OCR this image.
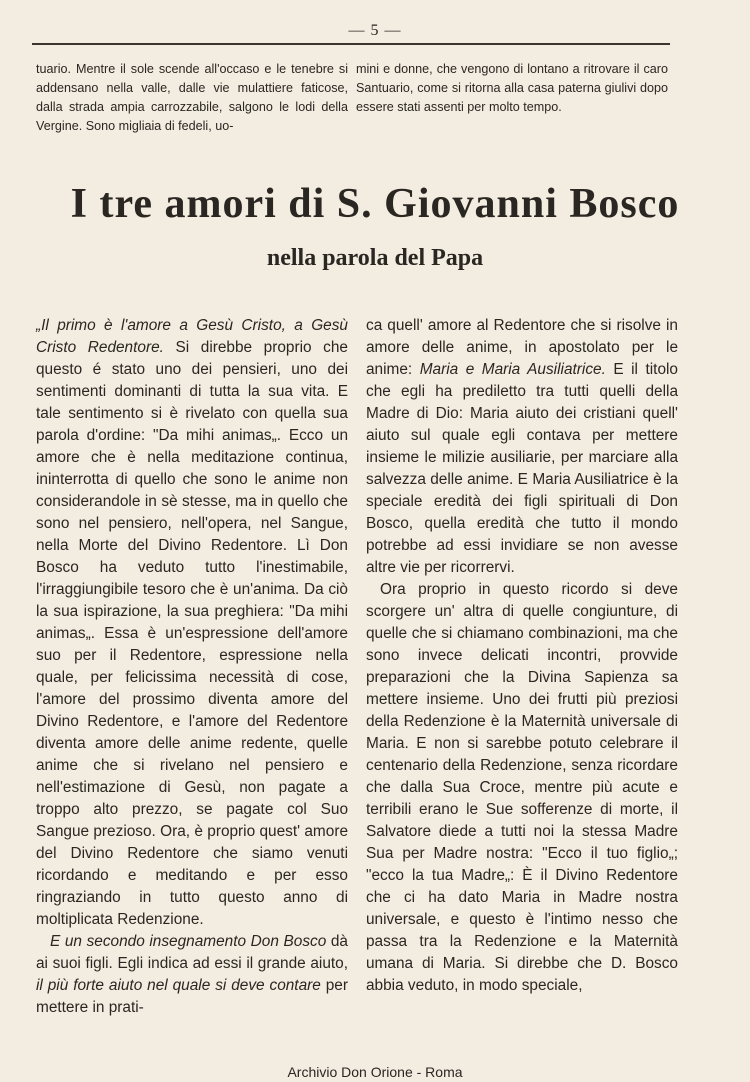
— 5 —

tuario. Mentre il sole scende all'occaso e le tenebre si addensano nella valle, dalle vie mulattiere faticose, dalla strada ampia carrozzabile, salgono le lodi della Vergine. Sono migliaia di fedeli, uo-

mini e donne, che vengono di lontano a ritrovare il caro Santuario, come si ritorna alla casa paterna giulivi dopo essere stati assenti per molto tempo.

I tre amori di S. Giovanni Bosco
nella parola del Papa

„Il primo è l'amore a Gesù Cristo, a Gesù Cristo Redentore. Si direbbe proprio che questo é stato uno dei pensieri, uno dei sentimenti dominanti di tutta la sua vita. E tale sentimento si è rivelato con quella sua parola d'ordine: "Da mihi animas„. Ecco un amore che è nella meditazione continua, ininterrotta di quello che sono le anime non considerandole in sè stesse, ma in quello che sono nel pensiero, nell'opera, nel Sangue, nella Morte del Divino Redentore. Lì Don Bosco ha veduto tutto l'inestimabile, l'irraggiungibile tesoro che è un'anima. Da ciò la sua ispirazione, la sua preghiera: "Da mihi animas„. Essa è un'espressione dell'amore suo per il Redentore, espressione nella quale, per felicissima necessità di cose, l'amore del prossimo diventa amore del Divino Redentore, e l'amore del Redentore diventa amore delle anime redente, quelle anime che si rivelano nel pensiero e nell'estimazione di Gesù, non pagate a troppo alto prezzo, se pagate col Suo Sangue prezioso. Ora, è proprio quest' amore del Divino Redentore che siamo venuti ricordando e meditando e per esso ringraziando in tutto questo anno di moltiplicata Redenzione.

E un secondo insegnamento Don Bosco dà ai suoi figli. Egli indica ad essi il grande aiuto, il più forte aiuto nel quale si deve contare per mettere in prati-

ca quell' amore al Redentore che si risolve in amore delle anime, in apostolato per le anime: Maria e Maria Ausiliatrice. E il titolo che egli ha prediletto tra tutti quelli della Madre di Dio: Maria aiuto dei cristiani quell' aiuto sul quale egli contava per mettere insieme le milizie ausiliarie, per marciare alla salvezza delle anime. E Maria Ausiliatrice è la speciale eredità dei figli spirituali di Don Bosco, quella eredità che tutto il mondo potrebbe ad essi invidiare se non avesse altre vie per ricorrervi.

Ora proprio in questo ricordo si deve scorgere un' altra di quelle congiunture, di quelle che si chiamano combinazioni, ma che sono invece delicati incontri, provvide preparazioni che la Divina Sapienza sa mettere insieme. Uno dei frutti più preziosi della Redenzione è la Maternità universale di Maria. E non si sarebbe potuto celebrare il centenario della Redenzione, senza ricordare che dalla Sua Croce, mentre più acute e terribili erano le Sue sofferenze di morte, il Salvatore diede a tutti noi la stessa Madre Sua per Madre nostra: "Ecco il tuo figlio„; "ecco la tua Madre„: È il Divino Redentore che ci ha dato Maria in Madre nostra universale, e questo è l'intimo nesso che passa tra la Redenzione e la Maternità umana di Maria. Si direbbe che D. Bosco abbia veduto, in modo speciale,

Archivio Don Orione - Roma
